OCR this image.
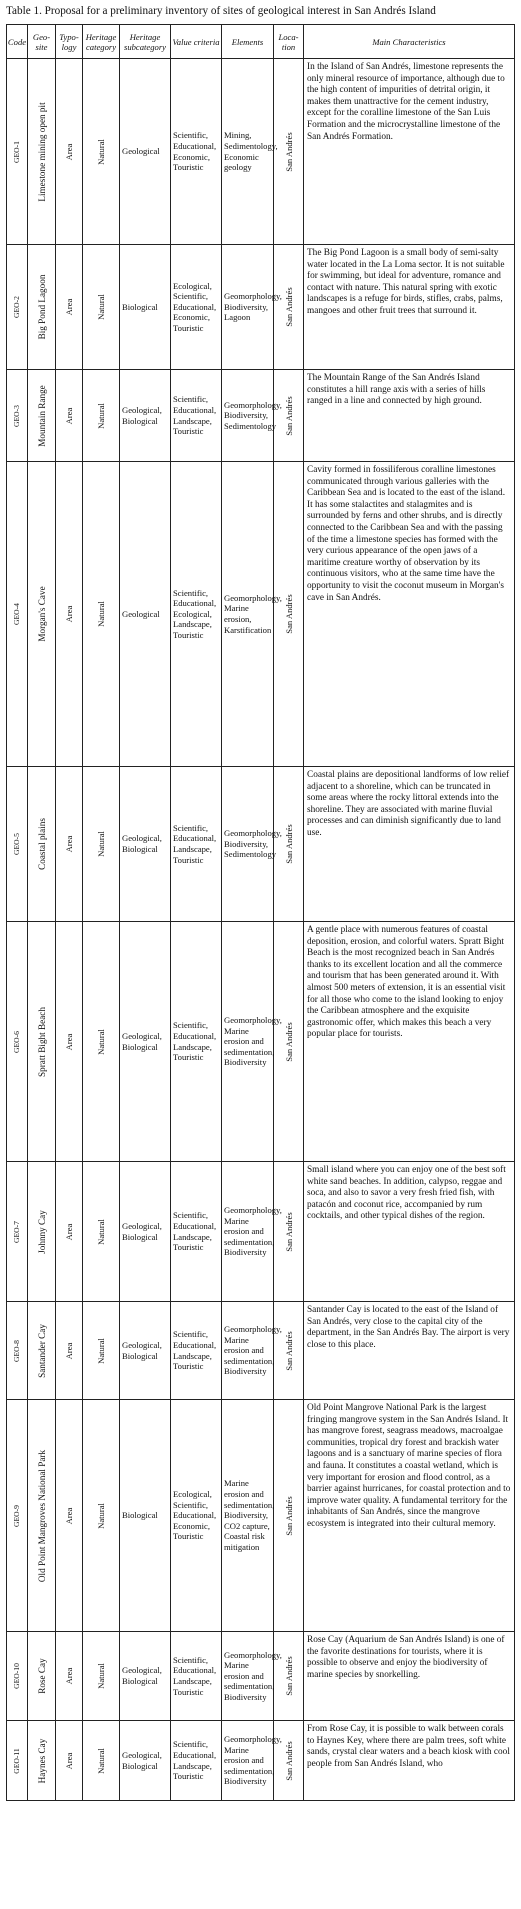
Table 1. Proposal for a preliminary inventory of sites of geological interest in San Andrés Island
Code	Geo-site	Typo-logy	Heritage category	Heritage subcategory	Value criteria	Elements	Loca-tion	Main Characteristics

GEO-1	Limestone mining open pit	Area	Natural	Geological	Scientific, Educational, Economic, Touristic	Mining, Sedimentology, Economic geology	San Andrés	In the Island of San Andrés, limestone represents the only mineral resource of importance, although due to the high content of impurities of detrital origin, it makes them unattractive for the cement industry, except for the coralline limestone of the San Luis Formation and the microcrystalline limestone of the San Andrés Formation.

GEO-2	Big Pond Lagoon	Area	Natural	Biological	Ecological, Scientific, Educational, Economic, Touristic	Geomorphology, Biodiversity, Lagoon	San Andrés	The Big Pond Lagoon is a small body of semi-salty water located in the La Loma sector. It is not suitable for swimming, but ideal for adventure, romance and contact with nature. This natural spring with exotic landscapes is a refuge for birds, stifles, crabs, palms, mangoes and other fruit trees that surround it.

GEO-3	Mountain Range	Area	Natural	Geological, Biological	Scientific, Educational, Landscape, Touristic	Geomorphology, Biodiversity, Sedimentology	San Andrés	The Mountain Range of the San Andrés Island constitutes a hill range axis with a series of hills ranged in a line and connected by high ground.

GEO-4	Morgan's Cave	Area	Natural	Geological	Scientific, Educational, Ecological, Landscape, Touristic	Geomorphology, Marine erosion, Karstification	San Andrés	Cavity formed in fossiliferous coralline limestones communicated through various galleries with the Caribbean Sea and is located to the east of the island. It has some stalactites and stalagmites and is surrounded by ferns and other shrubs, and is directly connected to the Caribbean Sea and with the passing of the time a limestone species has formed with the very curious appearance of the open jaws of a maritime creature worthy of observation by its continuous visitors, who at the same time have the opportunity to visit the coconut museum in Morgan's cave in San Andrés.

GEO-5	Coastal plains	Area	Natural	Geological, Biological	Scientific, Educational, Landscape, Touristic	Geomorphology, Biodiversity, Sedimentology	San Andrés	Coastal plains are depositional landforms of low relief adjacent to a shoreline, which can be truncated in some areas where the rocky littoral extends into the shoreline. They are associated with marine fluvial processes and can diminish significantly due to land use.

GEO-6	Spratt Bight Beach	Area	Natural	Geological, Biological	Scientific, Educational, Landscape, Touristic	Geomorphology, Marine erosion and sedimentation, Biodiversity	San Andrés	A gentle place with numerous features of coastal deposition, erosion, and colorful waters. Spratt Bight Beach is the most recognized beach in San Andrés thanks to its excellent location and all the commerce and tourism that has been generated around it. With almost 500 meters of extension, it is an essential visit for all those who come to the island looking to enjoy the Caribbean atmosphere and the exquisite gastronomic offer, which makes this beach a very popular place for tourists.

GEO-7	Johnny Cay	Area	Natural	Geological, Biological	Scientific, Educational, Landscape, Touristic	Geomorphology, Marine erosion and sedimentation, Biodiversity	San Andrés	Small island where you can enjoy one of the best soft white sand beaches. In addition, calypso, reggae and soca, and also to savor a very fresh fried fish, with patacón and coconut rice, accompanied by rum cocktails, and other typical dishes of the region.

GEO-8	Santander Cay	Area	Natural	Geological, Biological	Scientific, Educational, Landscape, Touristic	Geomorphology, Marine erosion and sedimentation, Biodiversity	San Andrés	Santander Cay is located to the east of the Island of San Andrés, very close to the capital city of the department, in the San Andrés Bay. The airport is very close to this place.

GEO-9	Old Point Mangroves National Park	Area	Natural	Biological	Ecological, Scientific, Educational, Economic, Touristic	Marine erosion and sedimentation, Biodiversity, CO2 capture, Coastal risk mitigation	San Andrés	Old Point Mangrove National Park is the largest fringing mangrove system in the San Andrés Island. It has mangrove forest, seagrass meadows, macroalgae communities, tropical dry forest and brackish water lagoons and is a sanctuary of marine species of flora and fauna. It constitutes a coastal wetland, which is very important for erosion and flood control, as a barrier against hurricanes, for coastal protection and to improve water quality. A fundamental territory for the inhabitants of San Andrés, since the mangrove ecosystem is integrated into their cultural memory.

GEO-10	Rose Cay	Area	Natural	Geological, Biological	Scientific, Educational, Landscape, Touristic	Geomorphology, Marine erosion and sedimentation, Biodiversity	San Andrés	Rose Cay (Aquarium de San Andrés Island) is one of the favorite destinations for tourists, where it is possible to observe and enjoy the biodiversity of marine species by snorkelling.

GEO-11	Haynes Cay	Area	Natural	Geological, Biological	Scientific, Educational, Landscape, Touristic	Geomorphology, Marine erosion and sedimentation, Biodiversity	San Andrés	From Rose Cay, it is possible to walk between corals to Haynes Key, where there are palm trees, soft white sands, crystal clear waters and a beach kiosk with cool people from San Andrés Island, who
